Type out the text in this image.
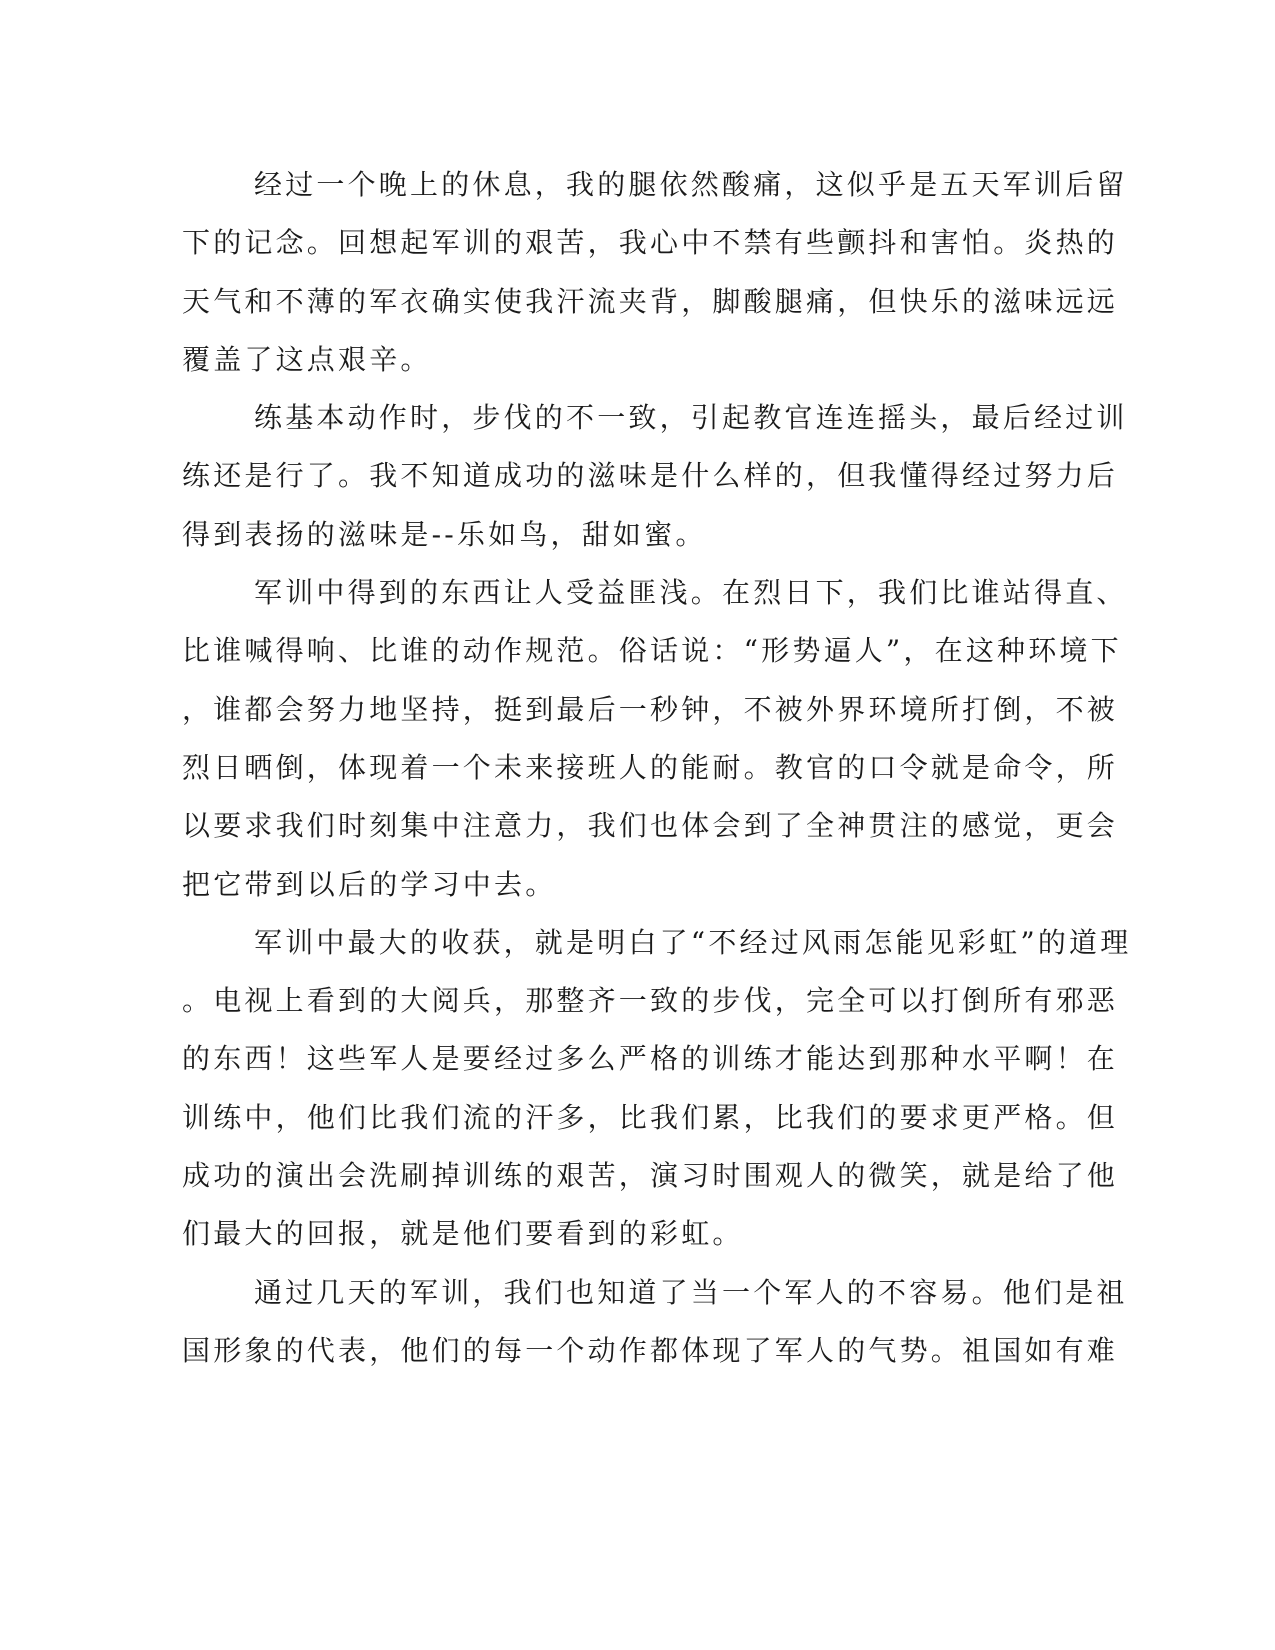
经过一个晚上的休息，我的腿依然酸痛，这似乎是五天军训后留
下的记念。回想起军训的艰苦，我心中不禁有些颤抖和害怕。炎热的
天气和不薄的军衣确实使我汗流夹背，脚酸腿痛，但快乐的滋味远远
覆盖了这点艰辛。
练基本动作时，步伐的不一致，引起教官连连摇头，最后经过训
练还是行了。我不知道成功的滋味是什么样的，但我懂得经过努力后
得到表扬的滋味是--乐如鸟，甜如蜜。
军训中得到的东西让人受益匪浅。在烈日下，我们比谁站得直、
比谁喊得响、比谁的动作规范。俗话说：“形势逼人”，在这种环境下
，谁都会努力地坚持，挺到最后一秒钟，不被外界环境所打倒，不被
烈日晒倒，体现着一个未来接班人的能耐。教官的口令就是命令，所
以要求我们时刻集中注意力，我们也体会到了全神贯注的感觉，更会
把它带到以后的学习中去。
军训中最大的收获，就是明白了“不经过风雨怎能见彩虹”的道理
。电视上看到的大阅兵，那整齐一致的步伐，完全可以打倒所有邪恶
的东西！这些军人是要经过多么严格的训练才能达到那种水平啊！在
训练中，他们比我们流的汗多，比我们累，比我们的要求更严格。但
成功的演出会洗刷掉训练的艰苦，演习时围观人的微笑，就是给了他
们最大的回报，就是他们要看到的彩虹。
通过几天的军训，我们也知道了当一个军人的不容易。他们是祖
国形象的代表，他们的每一个动作都体现了军人的气势。祖国如有难
